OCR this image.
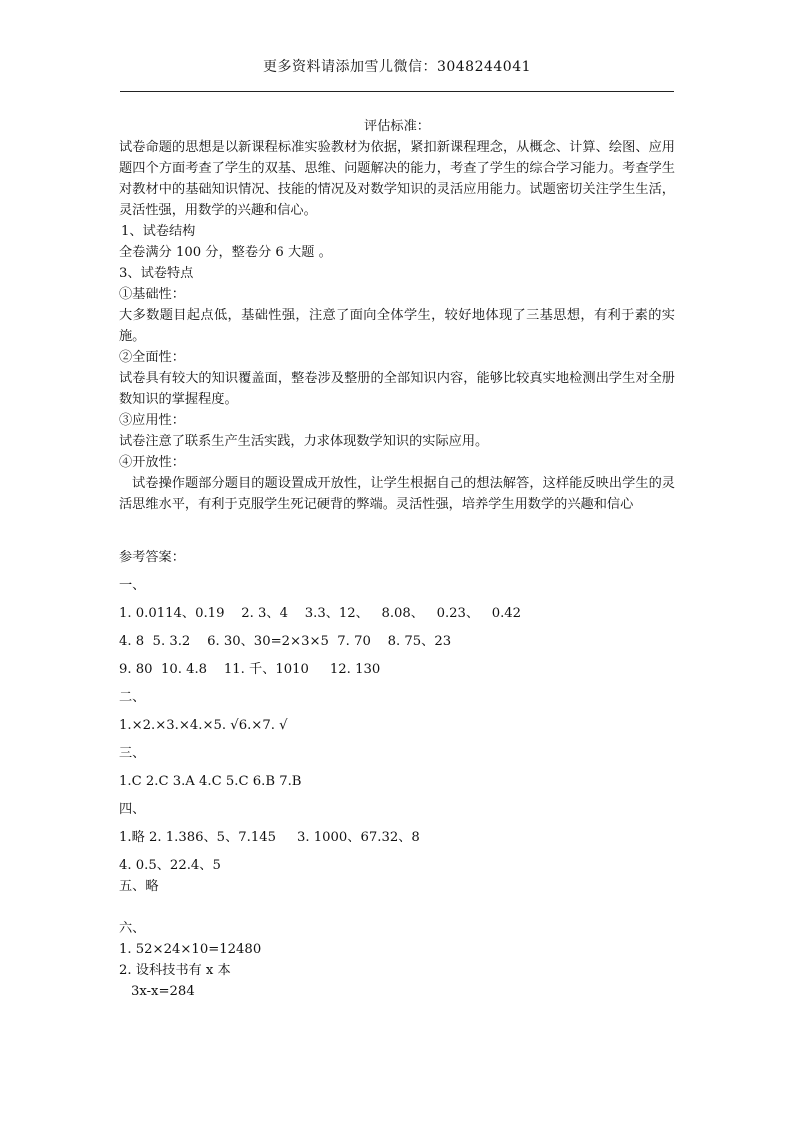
更多资料请添加雪儿微信：3048244041

评估标准：

试卷命题的思想是以新课程标准实验教材为依据，紧扣新课程理念，从概念、计算、绘图、应用题四个方面考查了学生的双基、思维、问题解决的能力，考查了学生的综合学习能力。考查学生对教材中的基础知识情况、技能的情况及对数学知识的灵活应用能力。试题密切关注学生生活，灵活性强，用数学的兴趣和信心。

1、试卷结构

全卷满分 100 分，整卷分 6 大题 。

3、试卷特点

①基础性：

大多数题目起点低，基础性强，注意了面向全体学生，较好地体现了三基思想，有利于素的实施。

②全面性：

试卷具有较大的知识覆盖面，整卷涉及整册的全部知识内容，能够比较真实地检测出学生对全册 数知识的掌握程度。

③应用性：

试卷注意了联系生产生活实践，力求体现数学知识的实际应用。

④开放性：

试卷操作题部分题目的题设置成开放性，让学生根据自己的想法解答，这样能反映出学生的灵活思维水平，有利于克服学生死记硬背的弊端。灵活性强，培养学生用数学的兴趣和信心

参考答案：

一、

1. 0.0114、0.19    2. 3、4    3.3、12、   8.08、   0.23、   0.42

4. 8  5. 3.2    6. 30、30=2×3×5  7. 70    8. 75、23

9. 80  10. 4.8    11. 千、1010     12. 130

二、

1.×2.×3.×4.×5. √6.×7. √

三、

1.C 2.C 3.A 4.C 5.C 6.B 7.B

四、

1.略 2. 1.386、5、7.145     3. 1000、67.32、8

4. 0.5、22.4、5

五、略

六、

1. 52×24×10=12480

2. 设科技书有 x 本

3x-x=284
